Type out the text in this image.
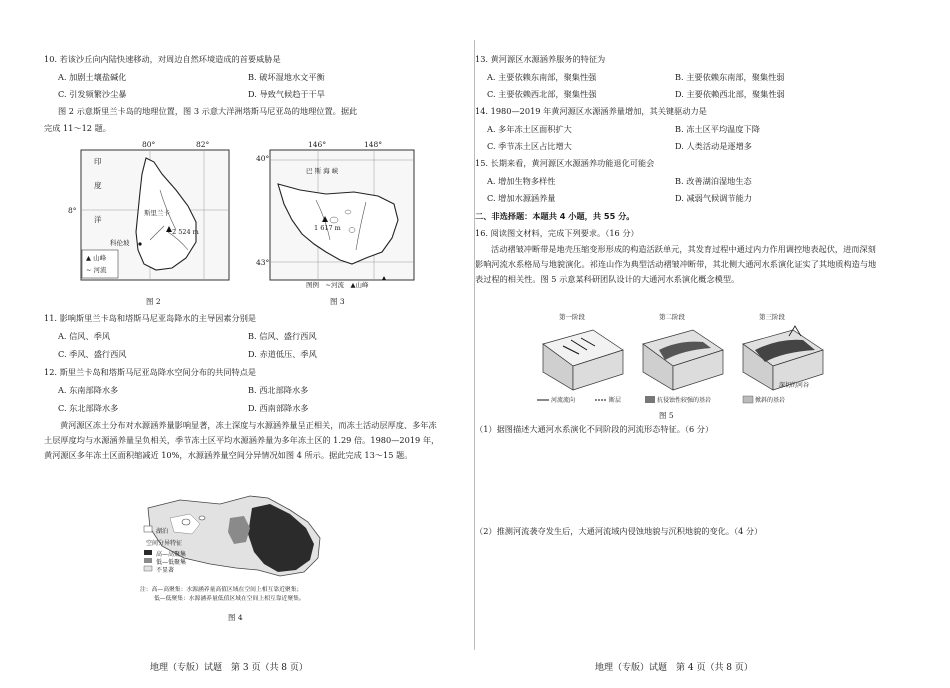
10. 若该沙丘向内陆快速移动，对周边自然环境造成的首要威胁是
A. 加剧土壤盐碱化	B. 破坏湿地水文平衡
C. 引发频繁沙尘暴	D. 导致气候趋于干旱
图 2 示意斯里兰卡岛的地理位置，图 3 示意大洋洲塔斯马尼亚岛的地理位置。据此
完成 11～12 题。
80°	82°
8°
印
度
洋
斯里兰卡
2 524 m
科伦坡
▲ 山峰
~ 河流
图 2
146°	148°
40°
43°
巴 斯 海 峡
1 617 m
图例　~河流　▲山峰
图 3
11. 影响斯里兰卡岛和塔斯马尼亚岛降水的主导因素分别是
A. 信风、季风	B. 信风、盛行西风
C. 季风、盛行西风	D. 赤道低压、季风
12. 斯里兰卡岛和塔斯马尼亚岛降水空间分布的共同特点是
A. 东南部降水多	B. 西北部降水多
C. 东北部降水多	D. 西南部降水多
黄河源区冻土分布对水源涵养量影响显著，冻土深度与水源涵养量呈正相关，而冻土活动层厚度、多年冻土层厚度均与水源涵养量呈负相关，季节冻土区平均水源涵养量为多年冻土区的 1.29 倍。1980—2019 年，黄河源区多年冻土区面积缩减近 10%，水源涵养量空间分异情况如图 4 所示。据此完成 13～15 题。
湖泊
空间分异特征
高—高聚集
低—低聚集
不显著
注：高—高聚集：水源涵养量高值区域在空间上相互靠近聚集；
低—低聚集：水源涵养量低值区域在空间上相互靠近聚集。
图 4
地理（专版）试题　第 3 页（共 8 页）
13. 黄河源区水源涵养服务的特征为
A. 主要依赖东南部，聚集性强	B. 主要依赖东南部，聚集性弱
C. 主要依赖西北部，聚集性强	D. 主要依赖西北部，聚集性弱
14. 1980—2019 年黄河源区水源涵养量增加，其关键驱动力是
A. 多年冻土区面积扩大	B. 冻土区平均温度下降
C. 季节冻土区占比增大	D. 人类活动是逐增多
15. 长期来看，黄河源区水源涵养功能退化可能会
A. 增加生物多样性	B. 改善湖泊湿地生态
C. 增加水源涵养量	D. 减弱气候调节能力
二、非选择题：本题共 4 小题，共 55 分。
16. 阅读图文材料，完成下列要求。（16 分）
活动褶皱冲断带是地壳压缩变形形成的构造活跃单元，其发育过程中通过内力作用调控地表起伏，进而深刻影响河流水系格局与地貌演化。祁连山作为典型活动褶皱冲断带，其北侧大通河水系演化证实了其地质构造与地表过程的相关性。图 5 示意某科研团队设计的大通河水系演化概念模型。
第一阶段	第二阶段	第三阶段
深切的河谷
河流流向	断层	抗侵蚀性较强的基岩	掀斜的基岩
图 5
（1）据图描述大通河水系演化不同阶段的河流形态特征。（6 分）
（2）推测河流袭夺发生后，大通河流域内侵蚀地貌与沉积地貌的变化。（4 分）
地理（专版）试题　第 4 页（共 8 页）
